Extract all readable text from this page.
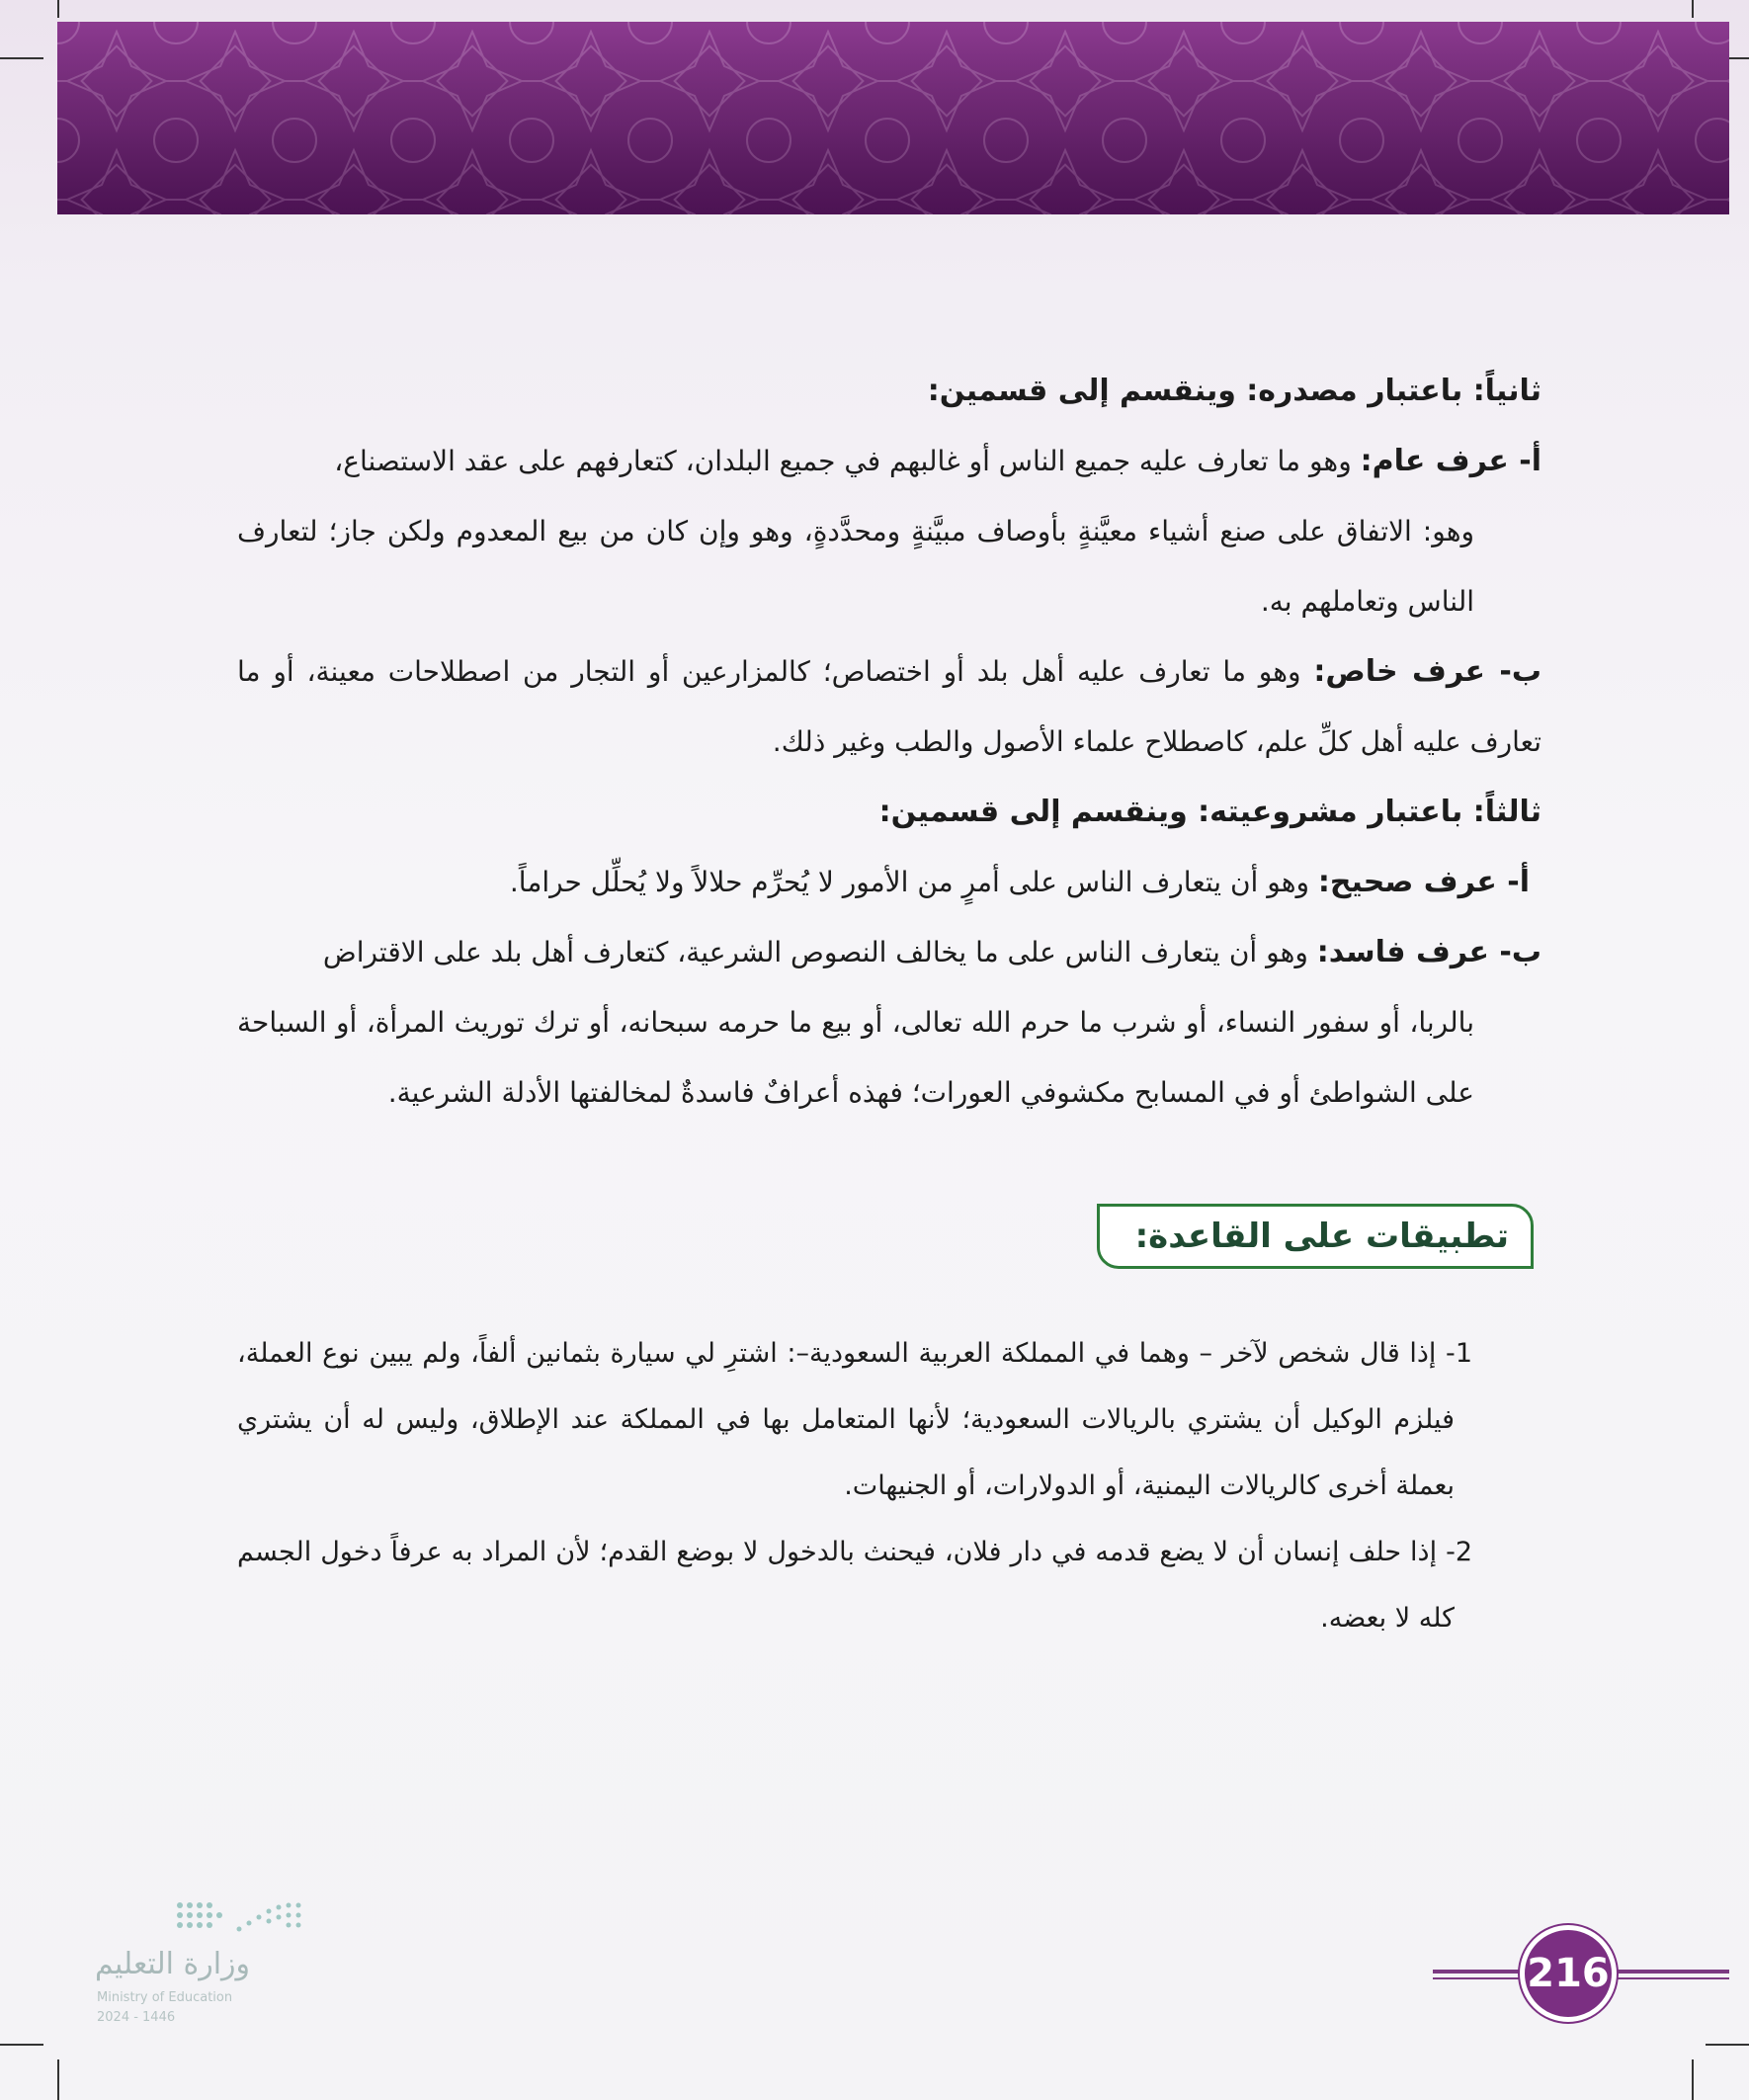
ثانياً: باعتبار مصدره: وينقسم إلى قسمين:

أ- عرف عام: وهو ما تعارف عليه جميع الناس أو غالبهم في جميع البلدان، كتعارفهم على عقد الاستصناع،

وهو: الاتفاق على صنع أشياء معيَّنةٍ بأوصاف مبيَّنةٍ ومحدَّدةٍ، وهو وإن كان من بيع المعدوم ولكن جاز؛ لتعارف الناس وتعاملهم به.

ب- عرف خاص: وهو ما تعارف عليه أهل بلد أو اختصاص؛ كالمزارعين أو التجار من اصطلاحات معينة، أو ما تعارف عليه أهل كلِّ علم، كاصطلاح علماء الأصول والطب وغير ذلك.

ثالثاً: باعتبار مشروعيته: وينقسم إلى قسمين:

أ- عرف صحيح: وهو أن يتعارف الناس على أمرٍ من الأمور لا يُحرِّم حلالاً ولا يُحلِّل حراماً.

ب- عرف فاسد: وهو أن يتعارف الناس على ما يخالف النصوص الشرعية، كتعارف أهل بلد على الاقتراض

بالربا، أو سفور النساء، أو شرب ما حرم الله تعالى، أو بيع ما حرمه سبحانه، أو ترك توريث المرأة، أو السباحة على الشواطئ أو في المسابح مكشوفي العورات؛ فهذه أعرافٌ فاسدةٌ لمخالفتها الأدلة الشرعية.

تطبيقات على القاعدة:

1- إذا قال شخص لآخر – وهما في المملكة العربية السعودية–: اشترِ لي سيارة بثمانين ألفاً، ولم يبين نوع العملة، فيلزم الوكيل أن يشتري بالريالات السعودية؛ لأنها المتعامل بها في المملكة عند الإطلاق، وليس له أن يشتري بعملة أخرى كالريالات اليمنية، أو الدولارات، أو الجنيهات.

2- إذا حلف إنسان أن لا يضع قدمه في دار فلان، فيحنث بالدخول لا بوضع القدم؛ لأن المراد به عرفاً دخول الجسم كله لا بعضه.

216
وزارة التعليم
Ministry of Education
2024 - 1446
